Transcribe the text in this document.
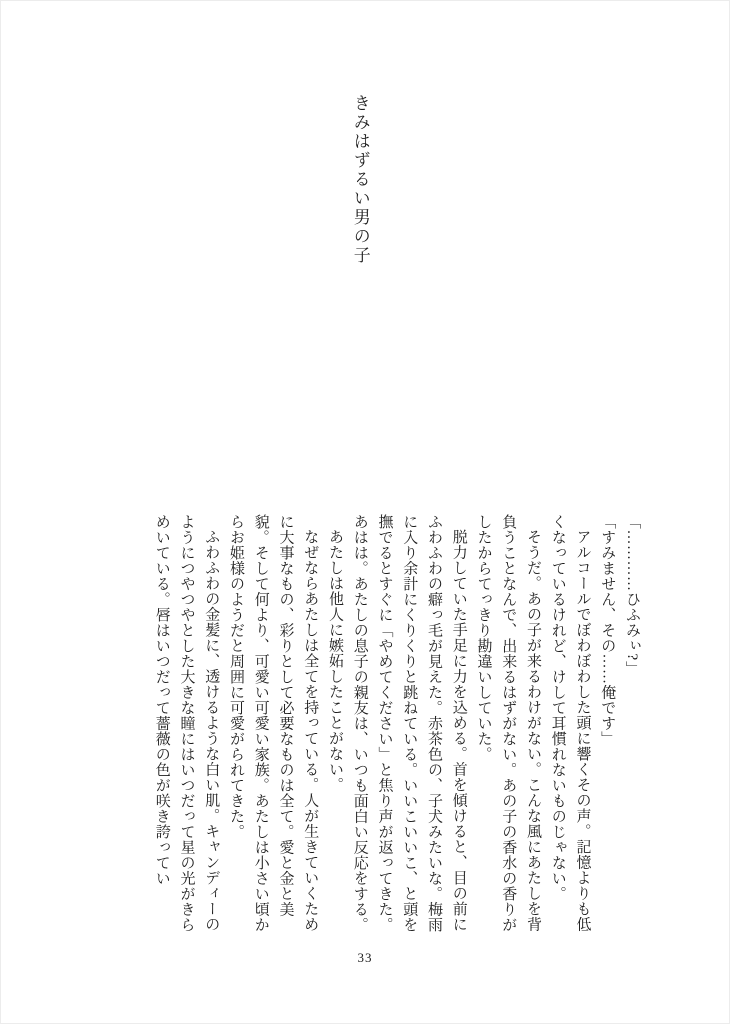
きみはずるい男の子

「…………ひふみぃ?」

「すみません、その……俺です」

アルコールでぼわぼわした頭に響くその声。記憶よりも低くなっているけれど、けして耳慣れないものじゃない。

そうだ。あの子が来るわけがない。こんな風にあたしを背負うことなんで、出来るはずがない。あの子の香水の香りがしたからてっきり勘違いしていた。

脱力していた手足に力を込める。首を傾けると、目の前にふわふわの癖っ毛が見えた。赤茶色の、子犬みたいな。梅雨に入り余計にくりくりと跳ねている。いいこいいこ、と頭を撫でるとすぐに「やめてください」と焦り声が返ってきた。あはは。あたしの息子の親友は、いつも面白い反応をする。

あたしは他人に嫉妬したことがない。

なぜならあたしは全てを持っている。人が生きていくために大事なもの、彩りとして必要なものは全て。愛と金と美貌。そして何より、可愛い可愛い家族。あたしは小さい頃からお姫様のようだと周囲に可愛がられてきた。

ふわふわの金髪に、透けるような白い肌。キャンディーのようにつやつやとした大きな瞳にはいつだって星の光がきらめいている。唇はいつだって薔薇の色が咲き誇ってい

33
